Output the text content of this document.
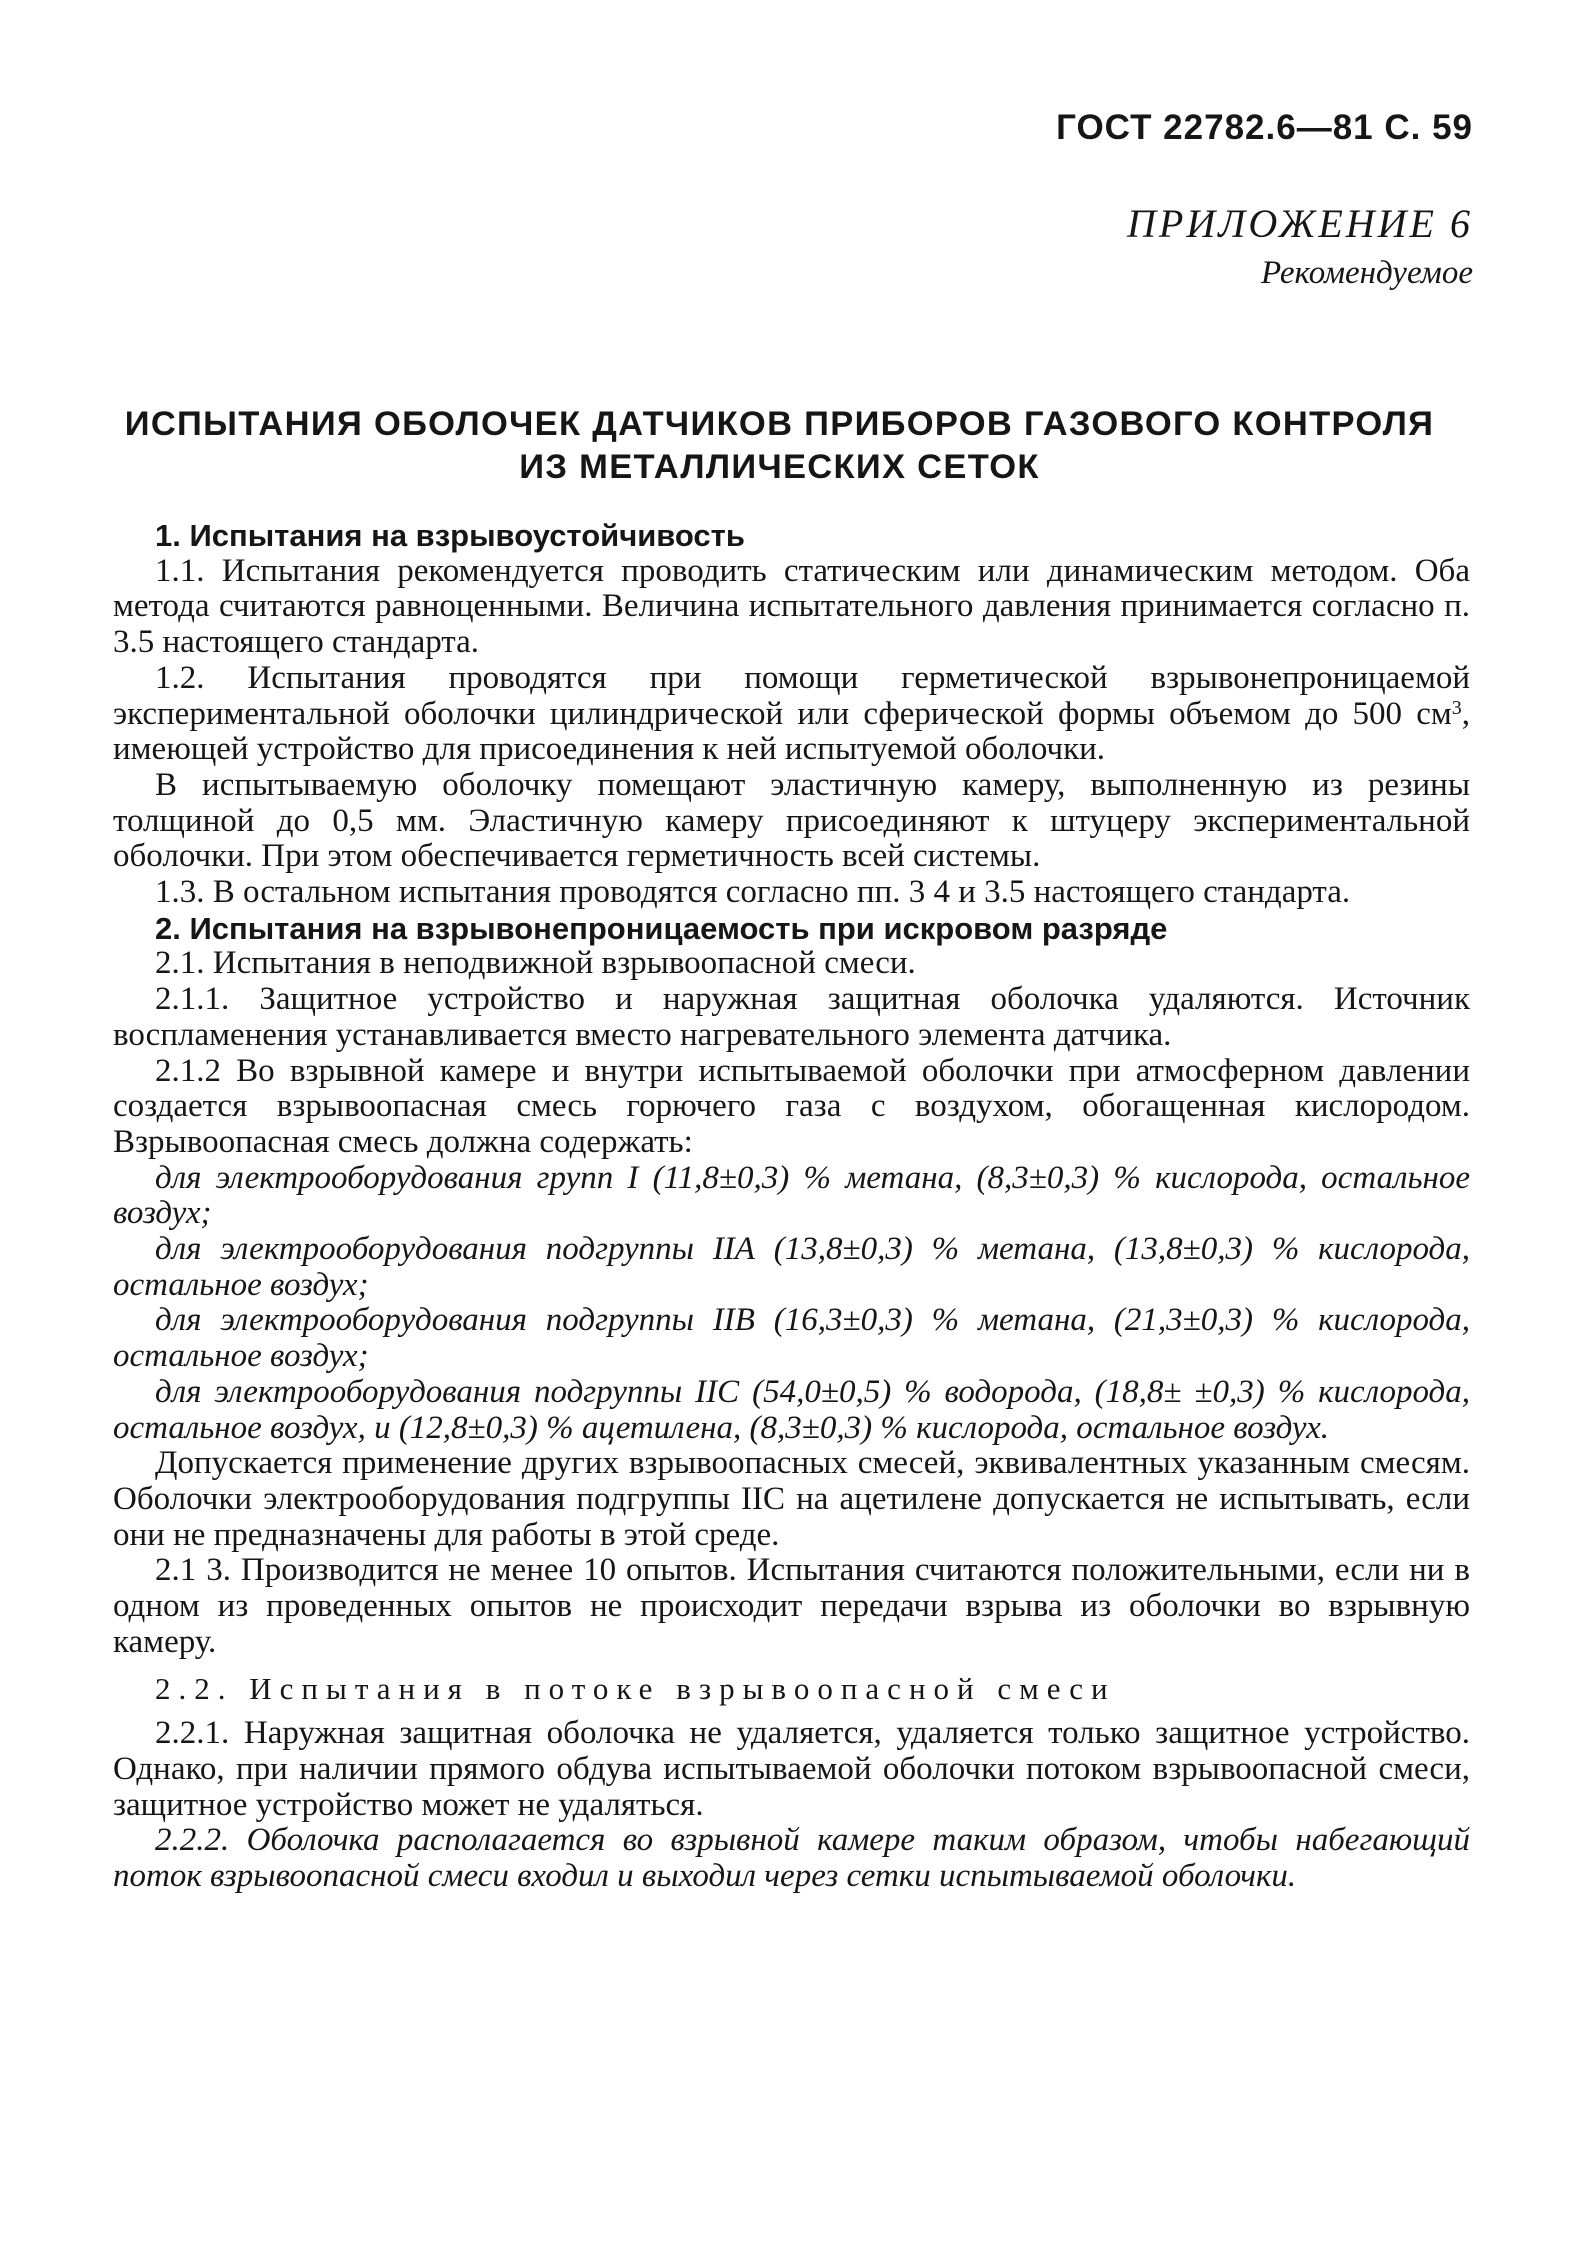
ГОСТ 22782.6—81 С. 59
ПРИЛОЖЕНИЕ 6
Рекомендуемое
ИСПЫТАНИЯ ОБОЛОЧЕК ДАТЧИКОВ ПРИБОРОВ ГАЗОВОГО КОНТРОЛЯ
ИЗ МЕТАЛЛИЧЕСКИХ СЕТОК

1. Испытания на взрывоустойчивость

1.1. Испытания рекомендуется проводить статическим или динамическим методом. Оба метода считаются равноценными. Величина испытательного давления принимается согласно п. 3.5 настоящего стандарта.

1.2. Испытания проводятся при помощи герметической взрывонепроницаемой экспериментальной оболочки цилиндрической или сферической формы объемом до 500 $см^3$, имеющей устройство для присоединения к ней испытуемой оболочки.

В испытываемую оболочку помещают эластичную камеру, выполненную из резины толщиной до 0,5 мм. Эластичную камеру присоединяют к штуцеру экспериментальной оболочки. При этом обеспечивается герметичность всей системы.

1.3. В остальном испытания проводятся согласно пп. 3 4 и 3.5 настоящего стандарта.

2. Испытания на взрывонепроницаемость при искровом разряде

2.1. Испытания в неподвижной взрывоопасной смеси.

2.1.1. Защитное устройство и наружная защитная оболочка удаляются. Источник воспламенения устанавливается вместо нагревательного элемента датчика.

2.1.2 Во взрывной камере и внутри испытываемой оболочки при атмосферном давлении создается взрывоопасная смесь горючего газа с воздухом, обогащенная кислородом. Взрывоопасная смесь должна содержать:

для электрооборудования групп I (11,8±0,3) % метана, (8,3±0,3) % кислорода, остальное воздух;

для электрооборудования подгруппы IIА (13,8±0,3) % метана, (13,8±0,3) % кислорода, остальное воздух;

для электрооборудования подгруппы IIВ (16,3±0,3) % метана, (21,3±0,3) % кислорода, остальное воздух;

для электрооборудования подгруппы IIС (54,0±0,5) % водорода, (18,8± ±0,3) % кислорода, остальное воздух, и (12,8±0,3) % ацетилена, (8,3±0,3) % кислорода, остальное воздух.

Допускается применение других взрывоопасных смесей, эквивалентных указанным смесям. Оболочки электрооборудования подгруппы IIС на ацетилене допускается не испытывать, если они не предназначены для работы в этой среде.

2.1 3. Производится не менее 10 опытов. Испытания считаются положительными, если ни в одном из проведенных опытов не происходит передачи взрыва из оболочки во взрывную камеру.

2.2. Испытания в потоке взрывоопасной смеси

2.2.1. Наружная защитная оболочка не удаляется, удаляется только защитное устройство. Однако, при наличии прямого обдува испытываемой оболочки потоком взрывоопасной смеси, защитное устройство может не удаляться.

2.2.2. Оболочка располагается во взрывной камере таким образом, чтобы набегающий поток взрывоопасной смеси входил и выходил через сетки испытываемой оболочки.
